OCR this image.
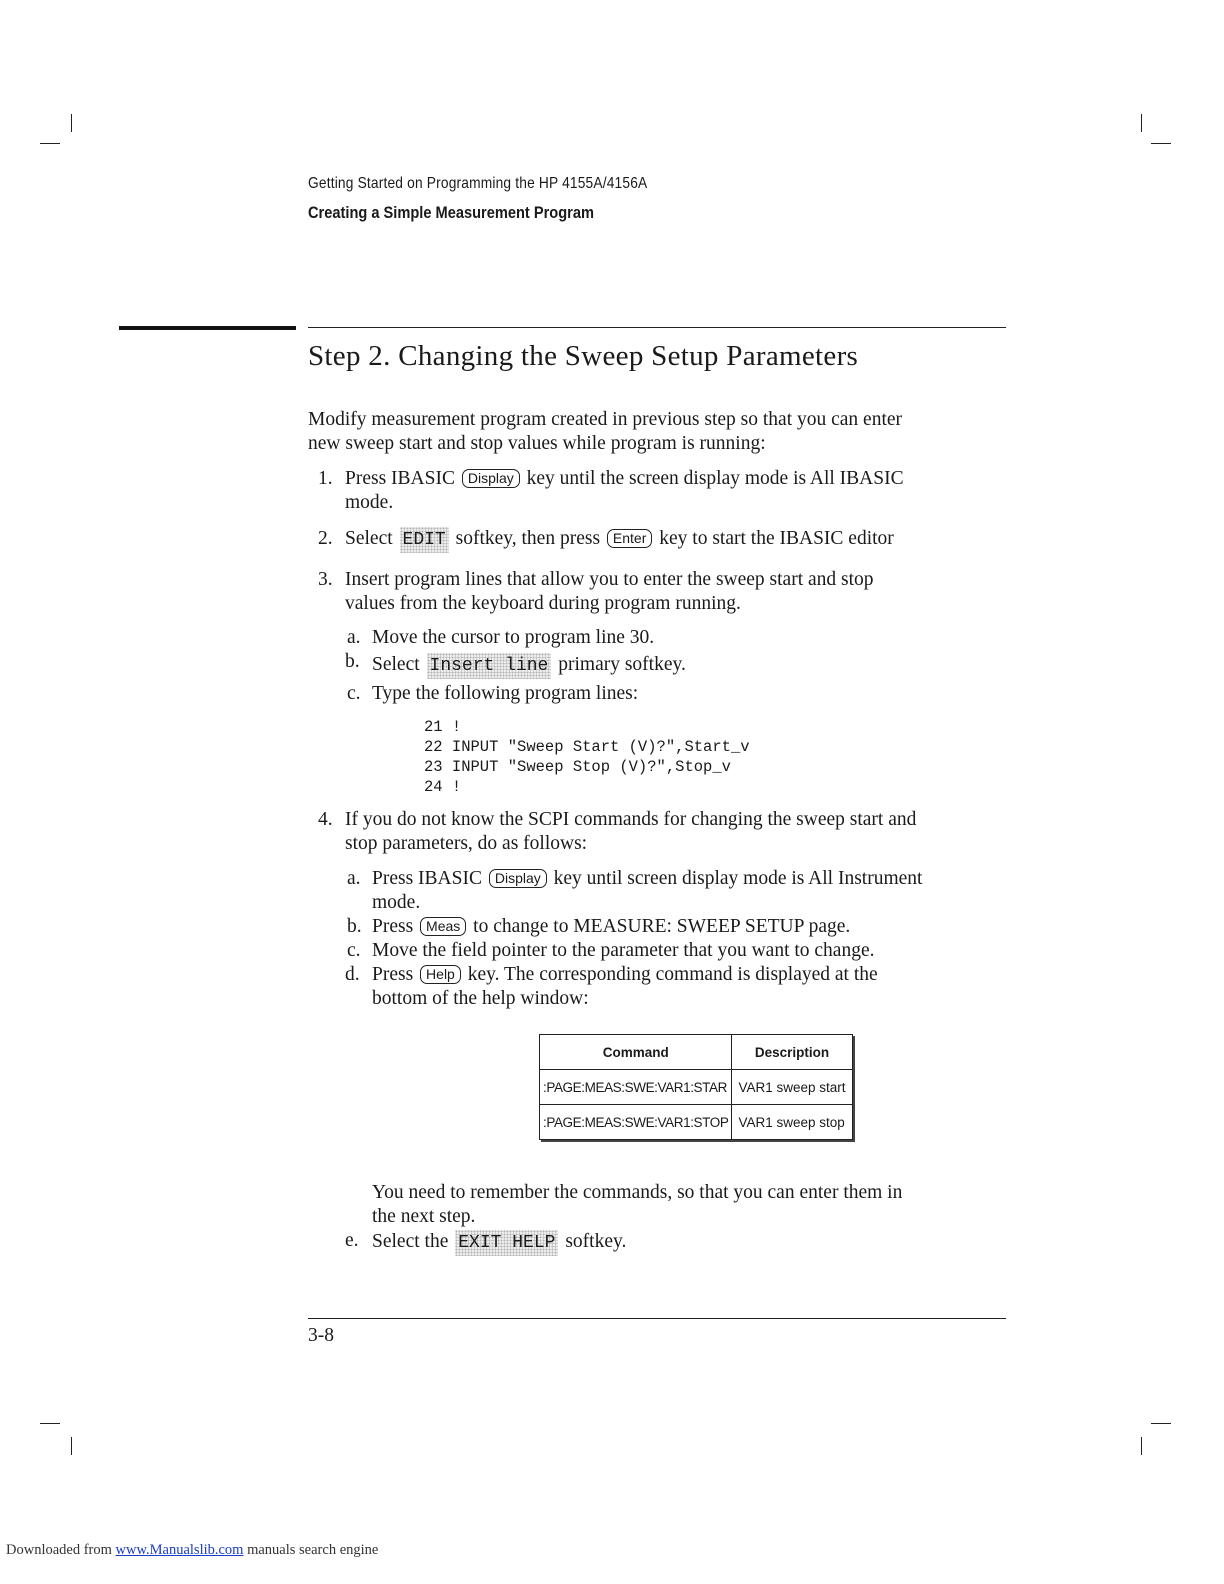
Getting Started on Programming the HP 4155A/4156A
Creating a Simple Measurement Program
Step 2. Changing the Sweep Setup Parameters
Modify measurement program created in previous step so that you can enter
new sweep start and stop values while program is running:
1. Press IBASIC Display key until the screen display mode is All IBASIC
mode.
2. Select EDIT softkey, then press Enter key to start the IBASIC editor
3. Insert program lines that allow you to enter the sweep start and stop
values from the keyboard during program running.
a. Move the cursor to program line 30.
b. Select Insert line primary softkey.
c. Type the following program lines:
21 !
22 INPUT "Sweep Start (V)?",Start_v
23 INPUT "Sweep Stop (V)?",Stop_v
24 !
4. If you do not know the SCPI commands for changing the sweep start and
stop parameters, do as follows:
a. Press IBASIC Display key until screen display mode is All Instrument
mode.
b. Press Meas to change to MEASURE: SWEEP SETUP page.
c. Move the field pointer to the parameter that you want to change.
d. Press Help key. The corresponding command is displayed at the
bottom of the help window:
Command	Description
:PAGE:MEAS:SWE:VAR1:STAR	VAR1 sweep start
:PAGE:MEAS:SWE:VAR1:STOP	VAR1 sweep stop
You need to remember the commands, so that you can enter them in
the next step.
e. Select the EXIT HELP softkey.
3-8
Downloaded from www.Manualslib.com manuals search engine
